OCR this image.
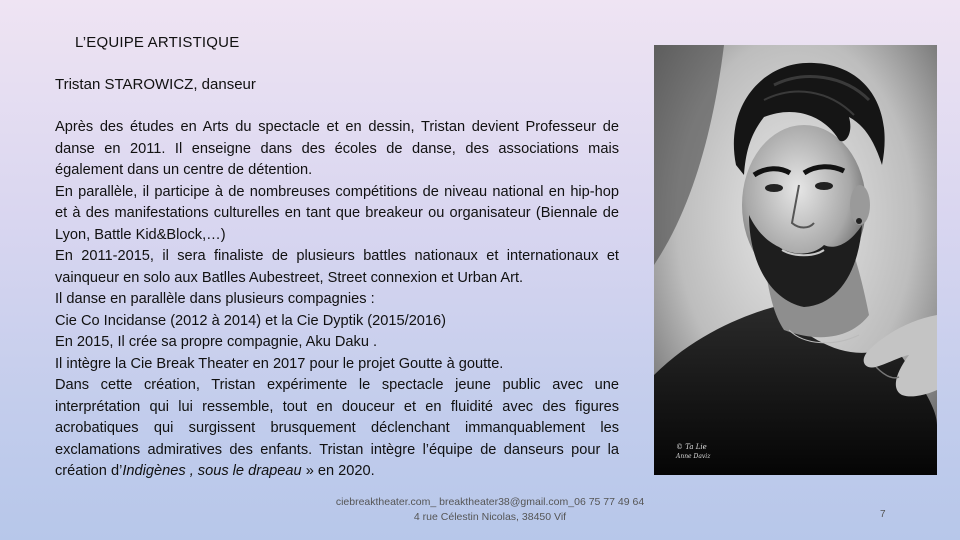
L’EQUIPE ARTISTIQUE
Tristan STAROWICZ, danseur

Après des études en Arts du spectacle et en dessin, Tristan devient Professeur de danse en 2011. Il enseigne dans des écoles de danse, des associations mais également dans un centre de détention.

En parallèle, il participe à de nombreuses compétitions de niveau national en hip-hop et à des manifestations culturelles en tant que breakeur ou organisateur (Biennale de Lyon, Battle Kid&Block,…)

En 2011-2015, il sera finaliste de plusieurs battles nationaux et internationaux et vainqueur en solo aux Batlles Aubestreet, Street connexion et Urban Art.

Il danse en parallèle dans plusieurs compagnies :

Cie Co Incidanse (2012 à 2014) et la Cie Dyptik (2015/2016)

En 2015, Il crée sa propre compagnie, Aku Daku .

Il intègre la Cie Break Theater en 2017 pour le projet Goutte à goutte.

Dans cette création, Tristan expérimente le spectacle jeune public avec une interprétation qui lui ressemble, tout en douceur et en fluidité avec des figures acrobatiques qui surgissent brusquement déclenchant immanquablement les exclamations admiratives des enfants. Tristan intègre l’équipe de danseurs pour la création d’Indigènes , sous le drapeau » en 2020.

© Ta Lie
Anne Daviz
ciebreaktheater.com_ breaktheater38@gmail.com_06 75 77 49 64
4 rue Célestin Nicolas, 38450 Vif	7
